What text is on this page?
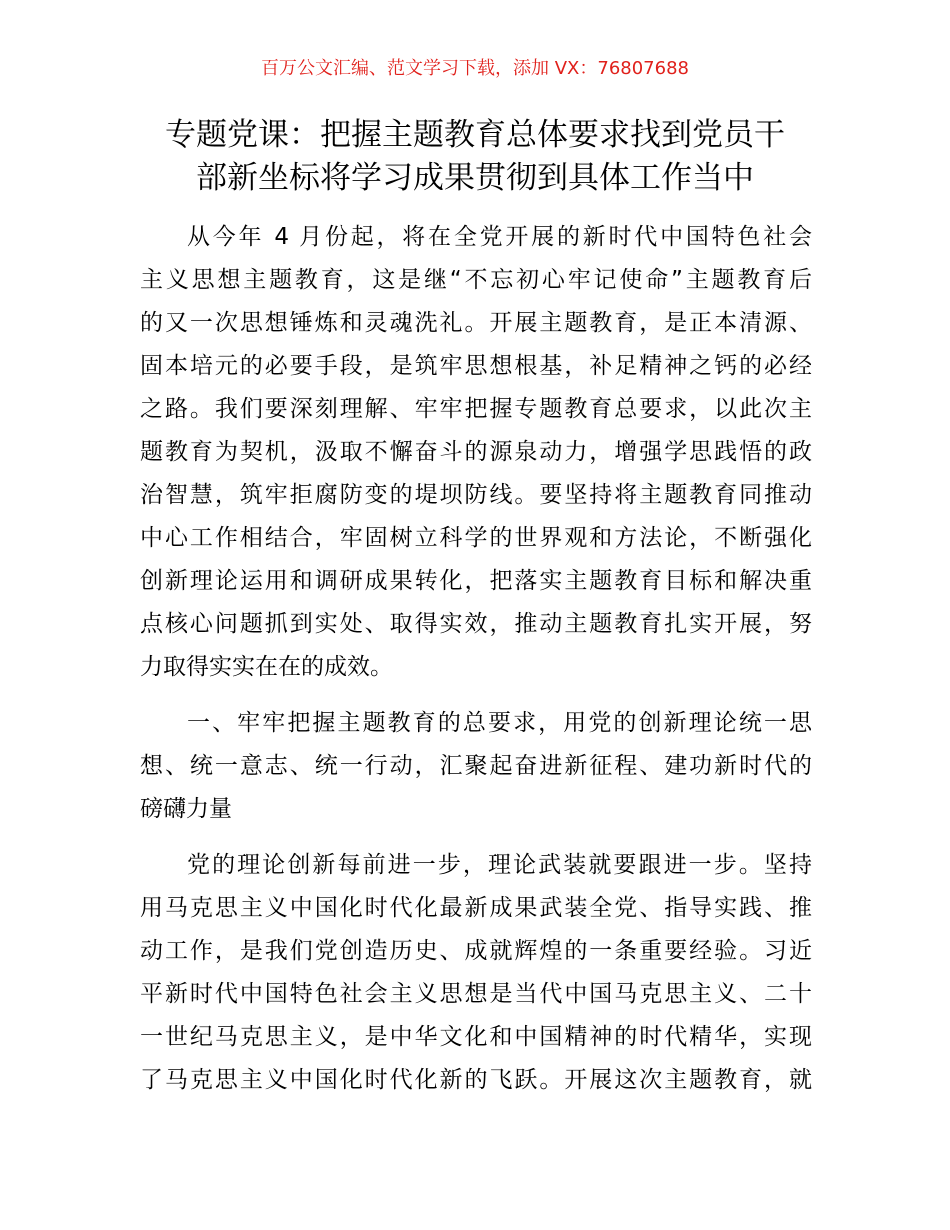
百万公文汇编、范文学习下载，添加 VX：76807688
专题党课：把握主题教育总体要求找到党员干
部新坐标将学习成果贯彻到具体工作当中
从今年 4 月份起，将在全党开展的新时代中国特色社会
主义思想主题教育，这是继“不忘初心牢记使命”主题教育后
的又一次思想锤炼和灵魂洗礼。开展主题教育，是正本清源、
固本培元的必要手段，是筑牢思想根基，补足精神之钙的必经
之路。我们要深刻理解、牢牢把握专题教育总要求，以此次主
题教育为契机，汲取不懈奋斗的源泉动力，增强学思践悟的政
治智慧，筑牢拒腐防变的堤坝防线。要坚持将主题教育同推动
中心工作相结合，牢固树立科学的世界观和方法论，不断强化
创新理论运用和调研成果转化，把落实主题教育目标和解决重
点核心问题抓到实处、取得实效，推动主题教育扎实开展，努
力取得实实在在的成效。
一、牢牢把握主题教育的总要求，用党的创新理论统一思
想、统一意志、统一行动，汇聚起奋进新征程、建功新时代的
磅礴力量
党的理论创新每前进一步，理论武装就要跟进一步。坚持
用马克思主义中国化时代化最新成果武装全党、指导实践、推
动工作，是我们党创造历史、成就辉煌的一条重要经验。习近
平新时代中国特色社会主义思想是当代中国马克思主义、二十
一世纪马克思主义，是中华文化和中国精神的时代精华，实现
了马克思主义中国化时代化新的飞跃。开展这次主题教育，就
